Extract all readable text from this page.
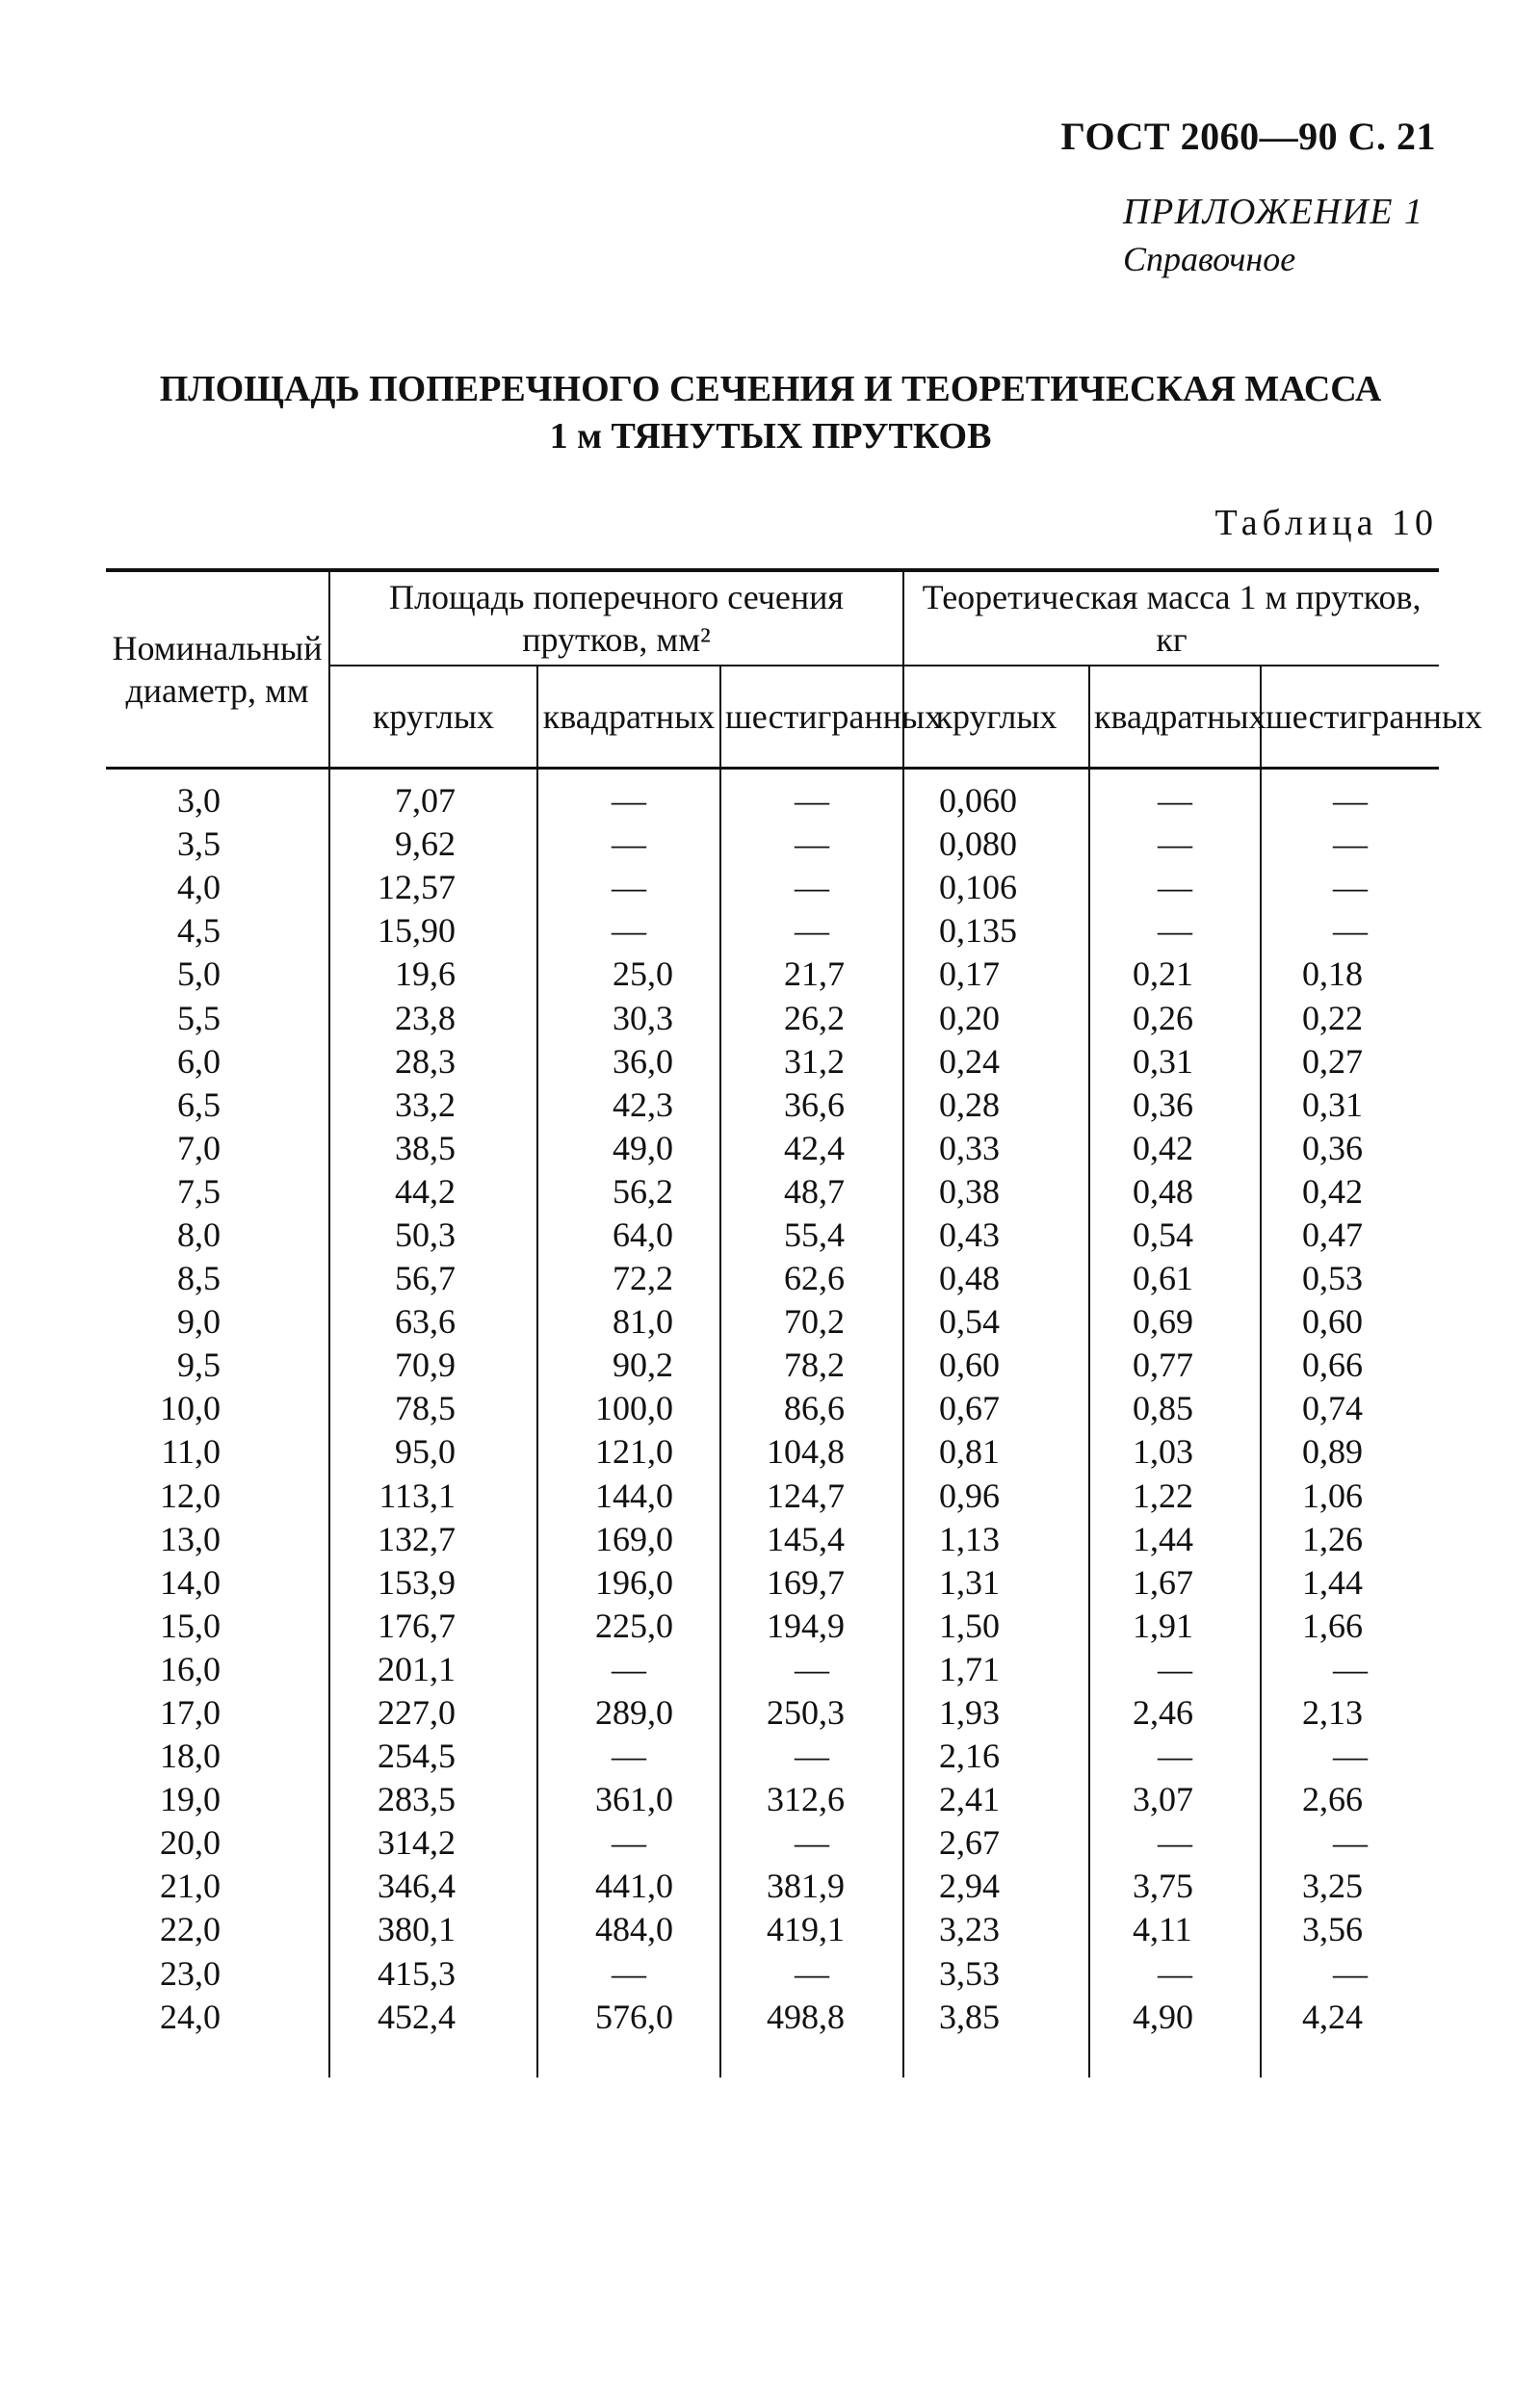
ГОСТ 2060—90 С. 21
ПРИЛОЖЕНИЕ 1
Справочное
ПЛОЩАДЬ ПОПЕРЕЧНОГО СЕЧЕНИЯ И ТЕОРЕТИЧЕСКАЯ МАССА
1 м ТЯНУТЫХ ПРУТКОВ
Таблица 10
Номинальный диаметр, мм	Площадь поперечного сечения прутков, мм²			Теоретическая масса 1 м прутков, кг		
	круглых	квадратных	шестигранных	круглых	квадратных	шестигранных
3,0	7,07	—	—	0,060	—	—
3,5	9,62	—	—	0,080	—	—
4,0	12,57	—	—	0,106	—	—
4,5	15,90	—	—	0,135	—	—
5,0	19,6	25,0	21,7	0,17	0,21	0,18
5,5	23,8	30,3	26,2	0,20	0,26	0,22
6,0	28,3	36,0	31,2	0,24	0,31	0,27
6,5	33,2	42,3	36,6	0,28	0,36	0,31
7,0	38,5	49,0	42,4	0,33	0,42	0,36
7,5	44,2	56,2	48,7	0,38	0,48	0,42
8,0	50,3	64,0	55,4	0,43	0,54	0,47
8,5	56,7	72,2	62,6	0,48	0,61	0,53
9,0	63,6	81,0	70,2	0,54	0,69	0,60
9,5	70,9	90,2	78,2	0,60	0,77	0,66
10,0	78,5	100,0	86,6	0,67	0,85	0,74
11,0	95,0	121,0	104,8	0,81	1,03	0,89
12,0	113,1	144,0	124,7	0,96	1,22	1,06
13,0	132,7	169,0	145,4	1,13	1,44	1,26
14,0	153,9	196,0	169,7	1,31	1,67	1,44
15,0	176,7	225,0	194,9	1,50	1,91	1,66
16,0	201,1	—	—	1,71	—	—
17,0	227,0	289,0	250,3	1,93	2,46	2,13
18,0	254,5	—	—	2,16	—	—
19,0	283,5	361,0	312,6	2,41	3,07	2,66
20,0	314,2	—	—	2,67	—	—
21,0	346,4	441,0	381,9	2,94	3,75	3,25
22,0	380,1	484,0	419,1	3,23	4,11	3,56
23,0	415,3	—	—	3,53	—	—
24,0	452,4	576,0	498,8	3,85	4,90	4,24
